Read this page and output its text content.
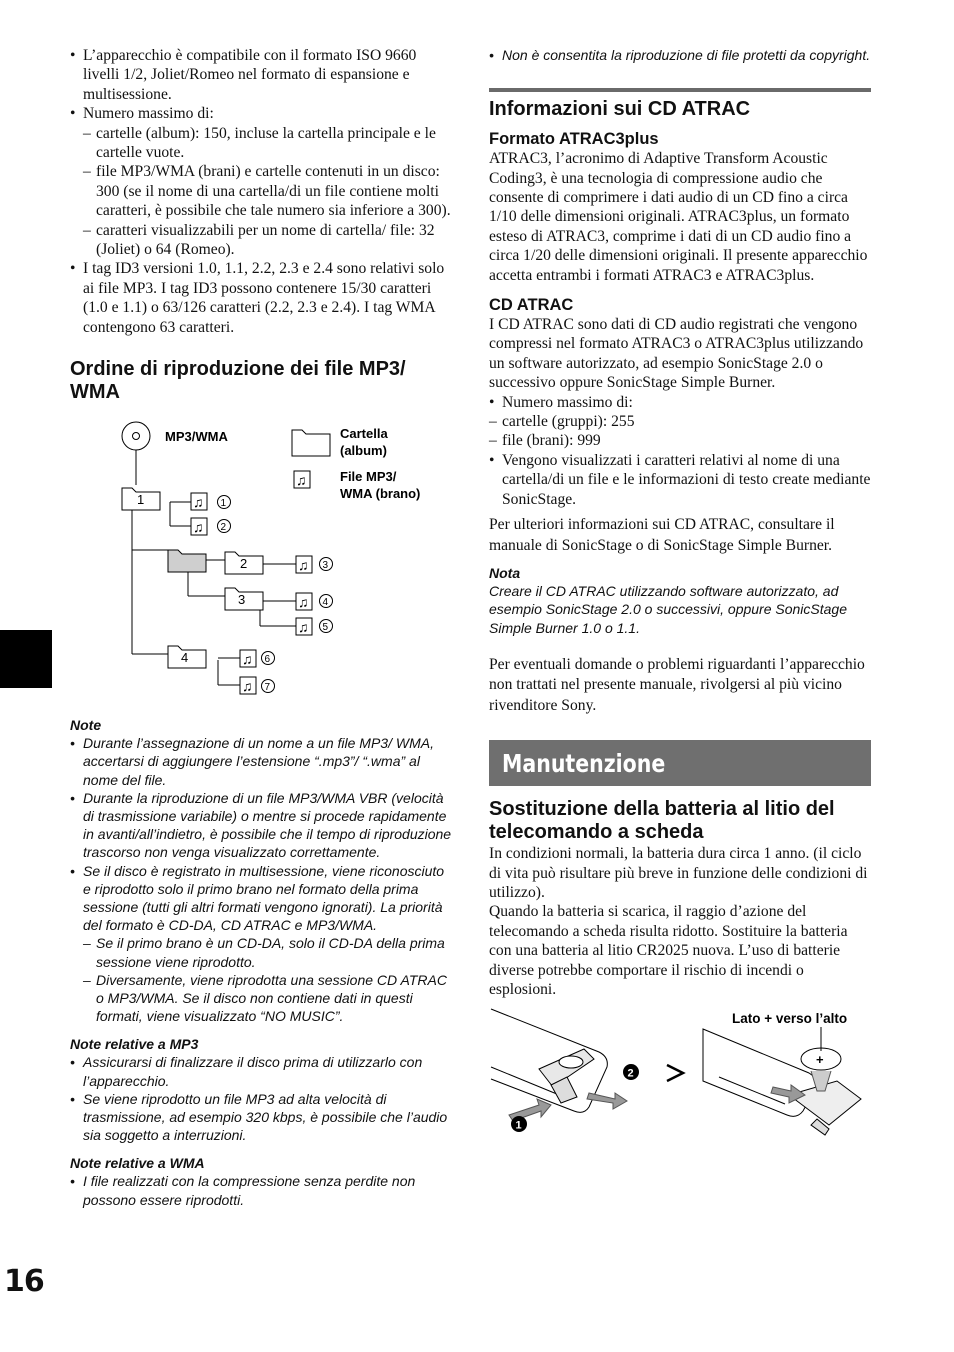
• L’apparecchio è compatibile con il formato ISO 9660 livelli 1/2, Joliet/Romeo nel formato di espansione e multisessione.
• Numero massimo di:
– cartelle (album): 150, incluse la cartella principale e le cartelle vuote.
– file MP3/WMA (brani) e cartelle contenuti in un disco: 300 (se il nome di una cartella/di un file contiene molti caratteri, è possibile che tale numero sia inferiore a 300).
– caratteri visualizzabili per un nome di cartella/ file: 32 (Joliet) o 64 (Romeo).
• I tag ID3 versioni 1.0, 1.1, 2.2, 2.3 e 2.4 sono relativi solo ai file MP3. I tag ID3 possono contenere 15/30 caratteri (1.0 e 1.1) o 63/126 caratteri (2.2, 2.3 e 2.4). I tag WMA contengono 63 caratteri.
Ordine di riproduzione dei file MP3/ WMA
MP3/WMA	Cartella
(album)
♫	File MP3/
WMA (brano)
1
2
3
4
♫ 1
♫ 2
♫ 3
♫ 4
♫ 5
♫ 6
♫ 7
Note
• Durante l’assegnazione di un nome a un file MP3/ WMA, accertarsi di aggiungere l’estensione “.mp3”/ “.wma” al nome del file.
• Durante la riproduzione di un file MP3/WMA VBR (velocità di trasmissione variabile) o mentre si procede rapidamente in avanti/all’indietro, è possibile che il tempo di riproduzione trascorso non venga visualizzato correttamente.
• Se il disco è registrato in multisessione, viene riconosciuto e riprodotto solo il primo brano nel formato della prima sessione (tutti gli altri formati vengono ignorati). La priorità del formato è CD-DA, CD ATRAC e MP3/WMA.
– Se il primo brano è un CD-DA, solo il CD-DA della prima sessione viene riprodotto.
– Diversamente, viene riprodotta una sessione CD ATRAC o MP3/WMA. Se il disco non contiene dati in questi formati, viene visualizzato “NO MUSIC”.
Note relative a MP3
• Assicurarsi di finalizzare il disco prima di utilizzarlo con l’apparecchio.
• Se viene riprodotto un file MP3 ad alta velocità di trasmissione, ad esempio 320 kbps, è possibile che l’audio sia soggetto a interruzioni.
Note relative a WMA
• I file realizzati con la compressione senza perdite non possono essere riprodotti.
• Non è consentita la riproduzione di file protetti da copyright.
Informazioni sui CD ATRAC
Formato ATRAC3plus

ATRAC3, l’acronimo di Adaptive Transform Acoustic Coding3, è una tecnologia di compressione audio che consente di comprimere i dati audio di un CD fino a circa 1/10 delle dimensioni originali. ATRAC3plus, un formato esteso di ATRAC3, comprime i dati di un CD audio fino a circa 1/20 delle dimensioni originali. Il presente apparecchio accetta entrambi i formati ATRAC3 e ATRAC3plus.

CD ATRAC

I CD ATRAC sono dati di CD audio registrati che vengono compressi nel formato ATRAC3 o ATRAC3plus utilizzando un software autorizzato, ad esempio SonicStage 2.0 o successivo oppure SonicStage Simple Burner.

• Numero massimo di:
– cartelle (gruppi): 255
– file (brani): 999
• Vengono visualizzati i caratteri relativi al nome di una cartella/di un file e le informazioni di testo create mediante SonicStage.

Per ulteriori informazioni sui CD ATRAC, consultare il manuale di SonicStage o di SonicStage Simple Burner.

Nota

Creare il CD ATRAC utilizzando software autorizzato, ad esempio SonicStage 2.0 o successivi, oppure SonicStage Simple Burner 1.0 o 1.1.

Per eventuali domande o problemi riguardanti l’apparecchio non trattati nel presente manuale, rivolgersi al più vicino rivenditore Sony.

Manutenzione
Sostituzione della batteria al litio del telecomando a scheda

In condizioni normali, la batteria dura circa 1 anno. (il ciclo di vita può risultare più breve in funzione delle condizioni di utilizzo).

Quando la batteria si scarica, il raggio d’azione del telecomando a scheda risulta ridotto. Sostituire la batteria con una batteria al litio CR2025 nuova. L’uso di batterie diverse potrebbe comportare il rischio di incendi o esplosioni.

1
2
+
Lato + verso l’alto
16
